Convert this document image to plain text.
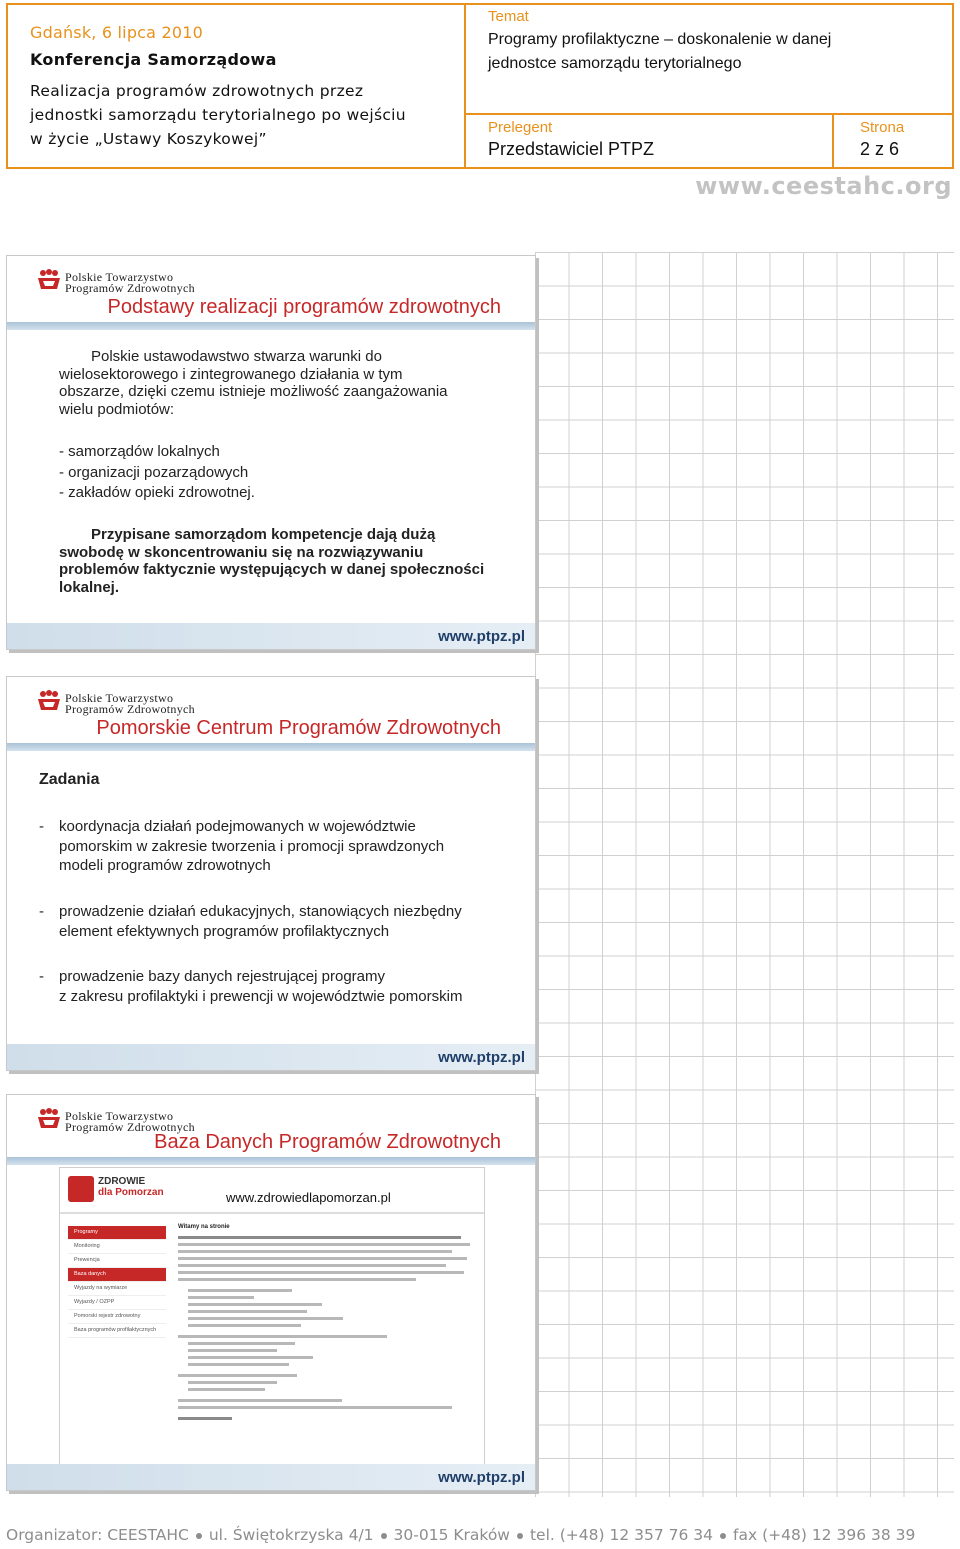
Gdańsk, 6 lipca 2010
Konferencja Samorządowa
Realizacja programów zdrowotnych przez
jednostki samorządu terytorialnego po wejściu
w życie „Ustawy Koszykowej”
Temat
Programy profilaktyczne – doskonalenie w danej
jednostce samorządu terytorialnego
Prelegent
Przedstawiciel PTPZ
Strona
2 z 6
www.ceestahc.org
Polskie Towarzystwo
Programów Zdrowotnych
Podstawy realizacji programów zdrowotnych
Polskie ustawodawstwo stwarza warunki do
wielosektorowego i zintegrowanego działania w tym
obszarze, dzięki czemu istnieje możliwość zaangażowania
wielu podmiotów:
- samorządów lokalnych
- organizacji pozarządowych
- zakładów opieki zdrowotnej.
Przypisane samorządom kompetencje dają dużą
swobodę w skoncentrowaniu się na rozwiązywaniu
problemów faktycznie występujących w danej społeczności
lokalnej.
www.ptpz.pl
Polskie Towarzystwo
Programów Zdrowotnych
Pomorskie Centrum Programów Zdrowotnych
Zadania
- koordynacja działań podejmowanych w województwie
pomorskim w zakresie tworzenia i promocji sprawdzonych
modeli programów zdrowotnych
- prowadzenie działań edukacyjnych, stanowiących niezbędny
element efektywnych programów profilaktycznych
- prowadzenie bazy danych rejestrującej programy
z zakresu profilaktyki i prewencji w województwie pomorskim
www.ptpz.pl
Polskie Towarzystwo
Programów Zdrowotnych
Baza Danych Programów Zdrowotnych
ZDROWIE
dla Pomorzan	www.zdrowiedlapomorzan.pl
Programy
Monitoring
Prewencja
Baza danych
Wyjazdy na wymiarze
Wyjazdy / OZPP
Pomorski rejestr zdrowotny
Baza programów profilaktycznych
Witamy na stronie
www.ptpz.pl
Organizator: CEESTAHC ul. Świętokrzyska 4/1 30-015 Kraków tel. (+48) 12 357 76 34 fax (+48) 12 396 38 39
